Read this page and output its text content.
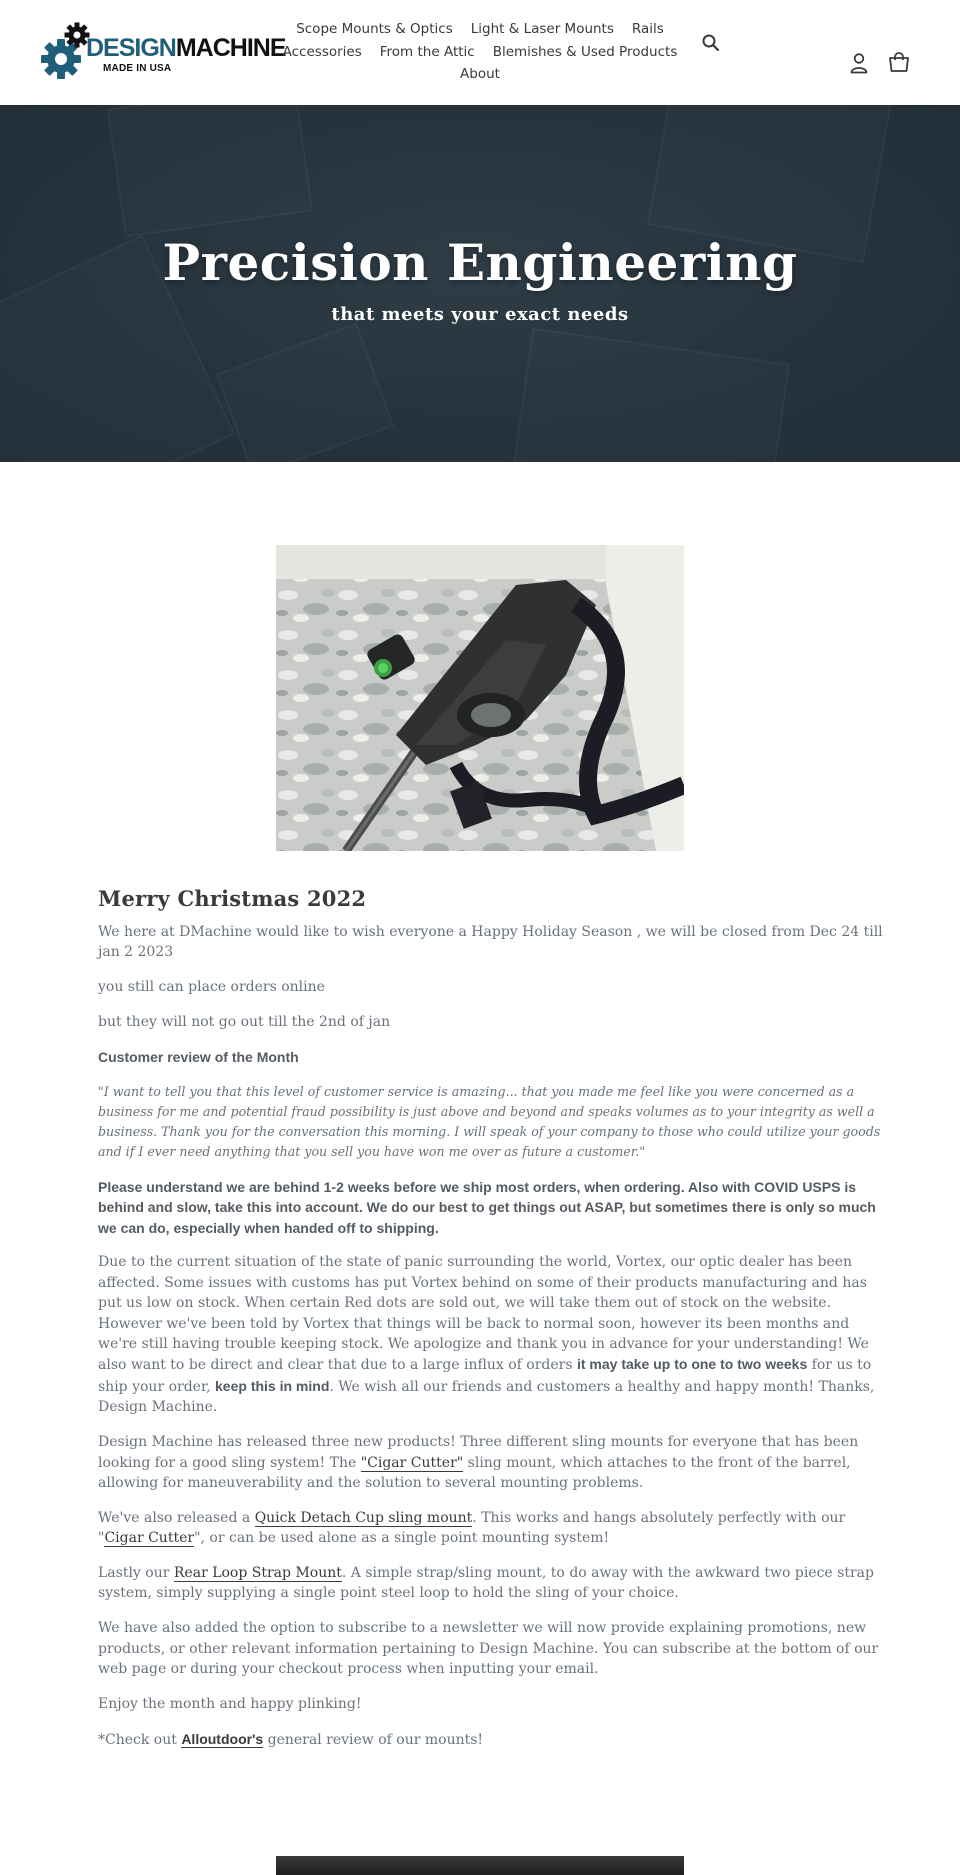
DESIGNMACHINE
MADE IN USA
Scope Mounts & Optics Light & Laser Mounts Rails
Accessories From the Attic Blemishes & Used Products
About
Precision Engineering
that meets your exact needs
Merry Christmas 2022

We here at DMachine would like to wish everyone a Happy Holiday Season , we will be closed from Dec 24 till jan 2 2023

you still can place orders online

but they will not go out till the 2nd of jan

Customer review of the Month

"I want to tell you that this level of customer service is amazing... that you made me feel like you were concerned as a business for me and potential fraud possibility is just above and beyond and speaks volumes as to your integrity as well a business. Thank you for the conversation this morning. I will speak of your company to those who could utilize your goods and if I ever need anything that you sell you have won me over as future a customer."

Please understand we are behind 1-2 weeks before we ship most orders, when ordering. Also with COVID USPS is behind and slow, take this into account. We do our best to get things out ASAP, but sometimes there is only so much we can do, especially when handed off to shipping.

Due to the current situation of the state of panic surrounding the world, Vortex, our optic dealer has been affected. Some issues with customs has put Vortex behind on some of their products manufacturing and has put us low on stock. When certain Red dots are sold out, we will take them out of stock on the website. However we've been told by Vortex that things will be back to normal soon, however its been months and we're still having trouble keeping stock. We apologize and thank you in advance for your understanding! We also want to be direct and clear that due to a large influx of orders it may take up to one to two weeks for us to ship your order, keep this in mind. We wish all our friends and customers a healthy and happy month! Thanks, Design Machine.

Design Machine has released three new products! Three different sling mounts for everyone that has been looking for a good sling system! The "Cigar Cutter" sling mount, which attaches to the front of the barrel, allowing for maneuverability and the solution to several mounting problems.

We've also released a Quick Detach Cup sling mount. This works and hangs absolutely perfectly with our "Cigar Cutter", or can be used alone as a single point mounting system!

Lastly our Rear Loop Strap Mount. A simple strap/sling mount, to do away with the awkward two piece strap system, simply supplying a single point steel loop to hold the sling of your choice.

We have also added the option to subscribe to a newsletter we will now provide explaining promotions, new products, or other relevant information pertaining to Design Machine. You can subscribe at the bottom of our web page or during your checkout process when inputting your email.

Enjoy the month and happy plinking!

*Check out Alloutdoor's general review of our mounts!
